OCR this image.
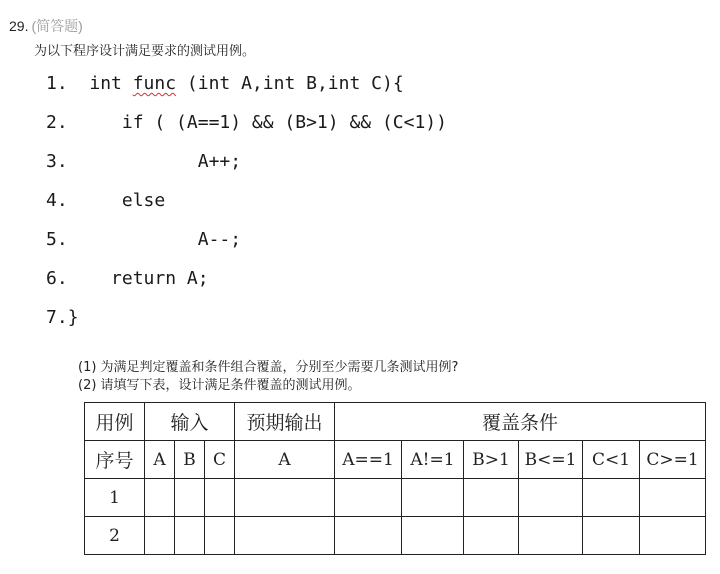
29. (简答题)
为以下程序设计满足要求的测试用例。
1.  int func (int A,int B,int C){
2.     if ( (A==1) && (B>1) && (C<1))
3.            A++;
4.     else
5.            A--;
6.    return A;
7.}
(1) 为满足判定覆盖和条件组合覆盖，分别至少需要几条测试用例?
(2) 请填写下表，设计满足条件覆盖的测试用例。
用例	输入			预期输出	覆盖条件					
序号	A	B	C	A	A==1	A!=1	B>1	B<=1	C<1	C>=1
1										
2										
